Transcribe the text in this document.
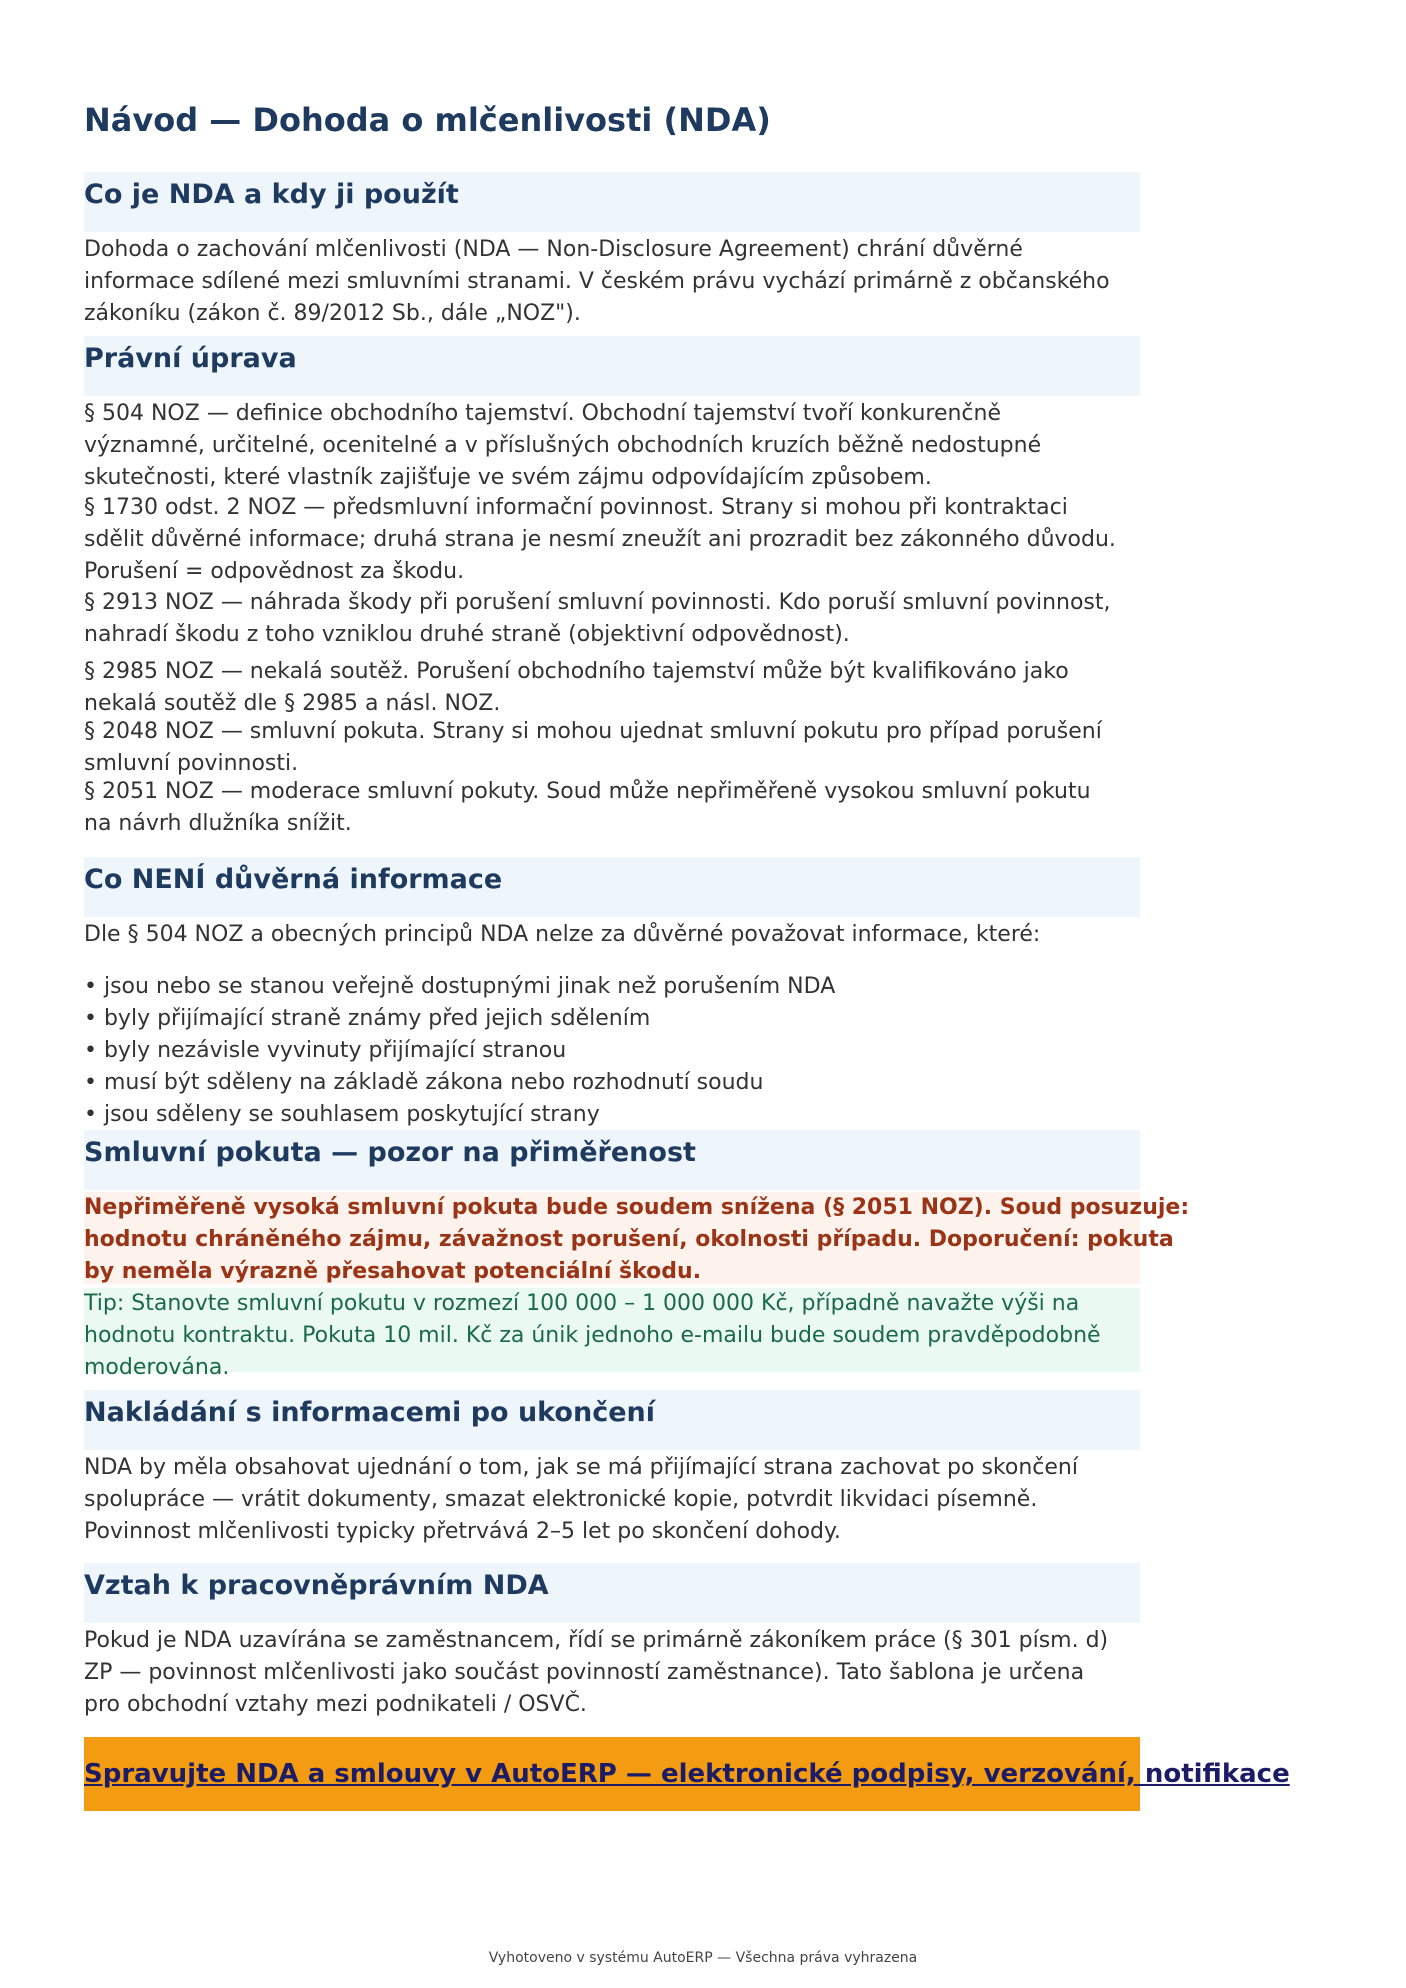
Návod — Dohoda o mlčenlivosti (NDA)
Co je NDA a kdy ji použít
Dohoda o zachování mlčenlivosti (NDA — Non-Disclosure Agreement) chrání důvěrné
informace sdílené mezi smluvními stranami. V českém právu vychází primárně z občanského
zákoníku (zákon č. 89/2012 Sb., dále „NOZ").
Právní úprava
§ 504 NOZ — definice obchodního tajemství. Obchodní tajemství tvoří konkurenčně
významné, určitelné, ocenitelné a v příslušných obchodních kruzích běžně nedostupné
skutečnosti, které vlastník zajišťuje ve svém zájmu odpovídajícím způsobem.
§ 1730 odst. 2 NOZ — předsmluvní informační povinnost. Strany si mohou při kontraktaci
sdělit důvěrné informace; druhá strana je nesmí zneužít ani prozradit bez zákonného důvodu.
Porušení = odpovědnost za škodu.
§ 2913 NOZ — náhrada škody při porušení smluvní povinnosti. Kdo poruší smluvní povinnost,
nahradí škodu z toho vzniklou druhé straně (objektivní odpovědnost).
§ 2985 NOZ — nekalá soutěž. Porušení obchodního tajemství může být kvalifikováno jako
nekalá soutěž dle § 2985 a násl. NOZ.
§ 2048 NOZ — smluvní pokuta. Strany si mohou ujednat smluvní pokutu pro případ porušení
smluvní povinnosti.
§ 2051 NOZ — moderace smluvní pokuty. Soud může nepřiměřeně vysokou smluvní pokutu
na návrh dlužníka snížit.
Co NENÍ důvěrná informace
Dle § 504 NOZ a obecných principů NDA nelze za důvěrné považovat informace, které:
• jsou nebo se stanou veřejně dostupnými jinak než porušením NDA
• byly přijímající straně známy před jejich sdělením
• byly nezávisle vyvinuty přijímající stranou
• musí být sděleny na základě zákona nebo rozhodnutí soudu
• jsou sděleny se souhlasem poskytující strany
Smluvní pokuta — pozor na přiměřenost
Nepřiměřeně vysoká smluvní pokuta bude soudem snížena (§ 2051 NOZ). Soud posuzuje:
hodnotu chráněného zájmu, závažnost porušení, okolnosti případu. Doporučení: pokuta
by neměla výrazně přesahovat potenciální škodu.
Tip: Stanovte smluvní pokutu v rozmezí 100 000 – 1 000 000 Kč, případně navažte výši na
hodnotu kontraktu. Pokuta 10 mil. Kč za únik jednoho e-mailu bude soudem pravděpodobně
moderována.
Nakládání s informacemi po ukončení
NDA by měla obsahovat ujednání o tom, jak se má přijímající strana zachovat po skončení
spolupráce — vrátit dokumenty, smazat elektronické kopie, potvrdit likvidaci písemně.
Povinnost mlčenlivosti typicky přetrvává 2–5 let po skončení dohody.
Vztah k pracovněprávním NDA
Pokud je NDA uzavírána se zaměstnancem, řídí se primárně zákoníkem práce (§ 301 písm. d)
ZP — povinnost mlčenlivosti jako součást povinností zaměstnance). Tato šablona je určena
pro obchodní vztahy mezi podnikateli / OSVČ.
Spravujte NDA a smlouvy v AutoERP — elektronické podpisy, verzování, notifikace
Vyhotoveno v systému AutoERP — Všechna práva vyhrazena
